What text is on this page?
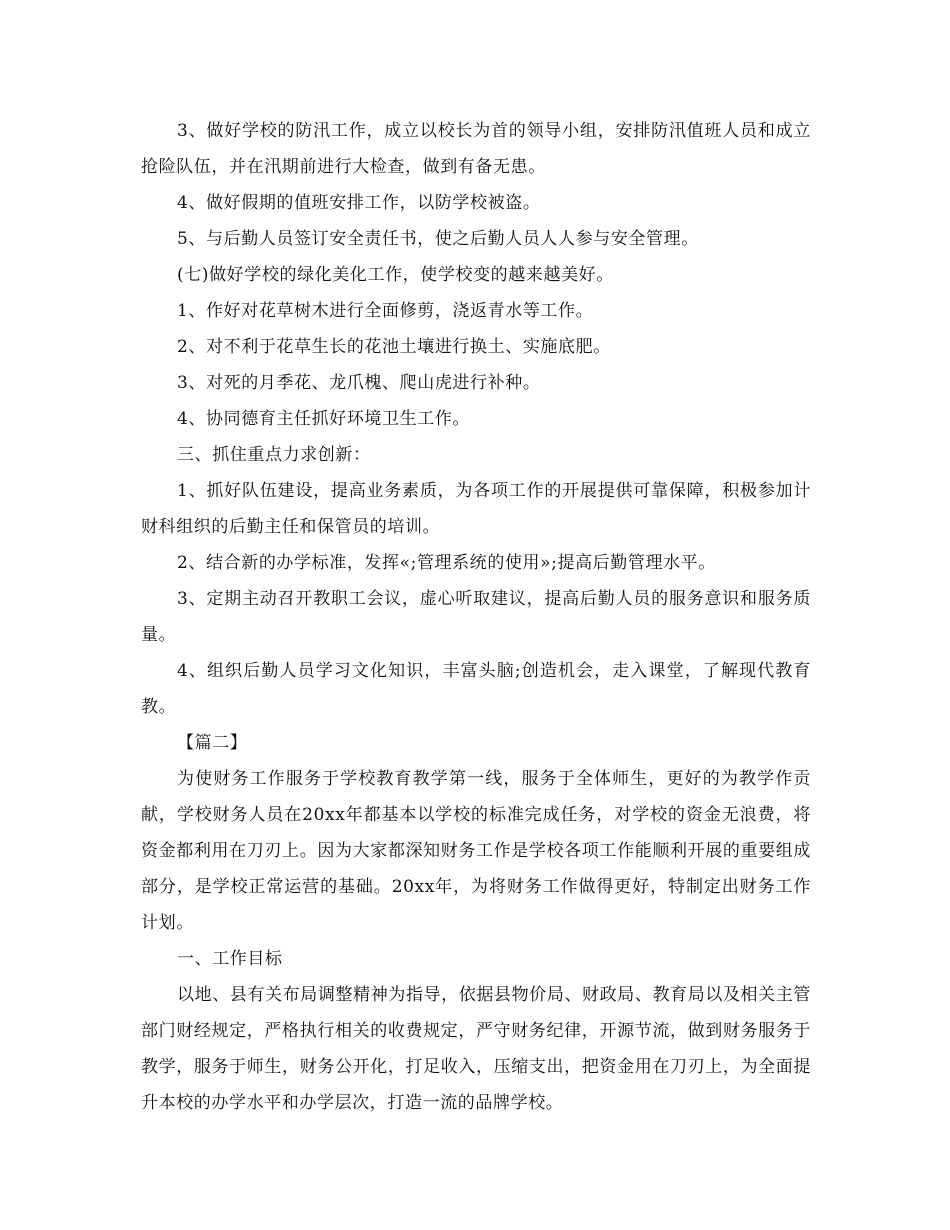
3、做好学校的防汛工作，成立以校长为首的领导小组，安排防汛值班人员和成立抢险队伍，并在汛期前进行大检查，做到有备无患。

4、做好假期的值班安排工作，以防学校被盗。

5、与后勤人员签订安全责任书，使之后勤人员人人参与安全管理。

(七)做好学校的绿化美化工作，使学校变的越来越美好。

1、作好对花草树木进行全面修剪，浇返青水等工作。

2、对不利于花草生长的花池土壤进行换土、实施底肥。

3、对死的月季花、龙爪槐、爬山虎进行补种。

4、协同德育主任抓好环境卫生工作。

三、抓住重点力求创新：

1、抓好队伍建设，提高业务素质，为各项工作的开展提供可靠保障，积极参加计财科组织的后勤主任和保管员的培训。

2、结合新的办学标准，发挥«;管理系统的使用»;提高后勤管理水平。

3、定期主动召开教职工会议，虚心听取建议，提高后勤人员的服务意识和服务质量。

4、组织后勤人员学习文化知识，丰富头脑;创造机会，走入课堂，了解现代教育教。

【篇二】

为使财务工作服务于学校教育教学第一线，服务于全体师生，更好的为教学作贡献，学校财务人员在20xx年都基本以学校的标准完成任务，对学校的资金无浪费，将资金都利用在刀刃上。因为大家都深知财务工作是学校各项工作能顺利开展的重要组成部分，是学校正常运营的基础。20xx年，为将财务工作做得更好，特制定出财务工作计划。

一、工作目标

以地、县有关布局调整精神为指导，依据县物价局、财政局、教育局以及相关主管部门财经规定，严格执行相关的收费规定，严守财务纪律，开源节流，做到财务服务于教学，服务于师生，财务公开化，打足收入，压缩支出，把资金用在刀刃上，为全面提升本校的办学水平和办学层次，打造一流的品牌学校。
